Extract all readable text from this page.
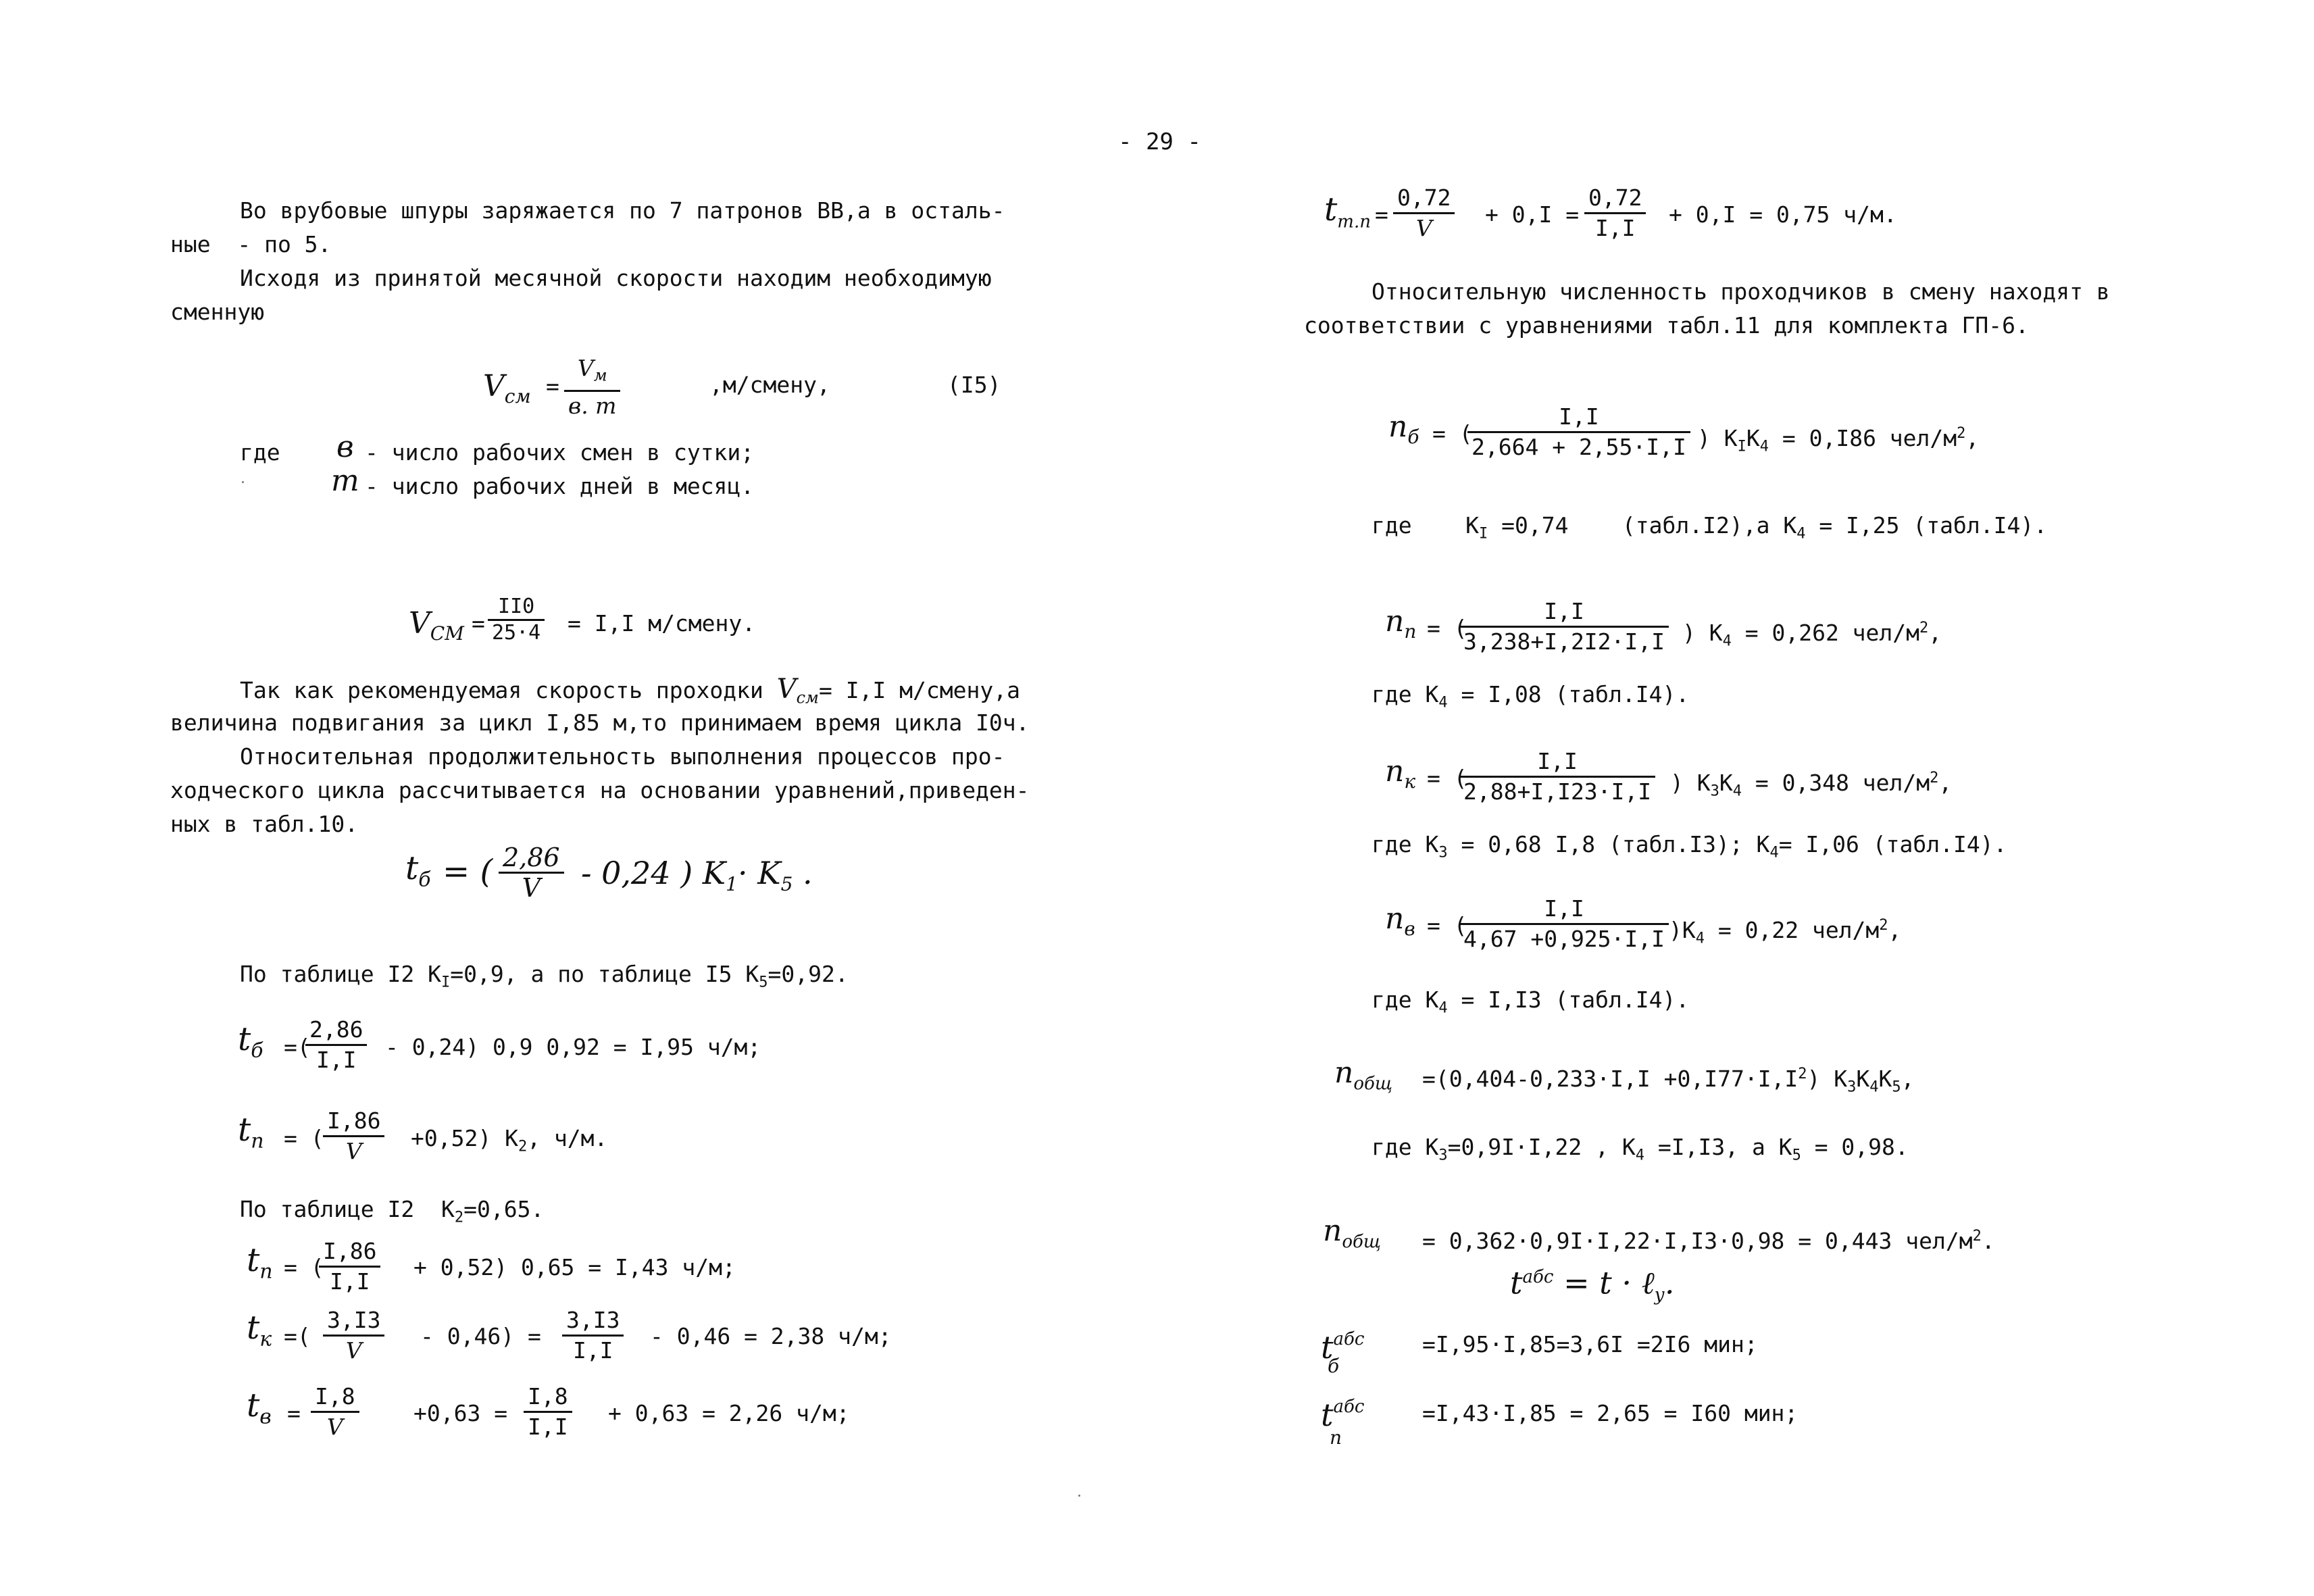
- 29 -
Во врубовые шпуры заряжается по 7 патронов ВВ,а в осталь-
ные  - по 5.
Исходя из принятой месячной скорости находим необходимую
сменную
$V_{см}$ =
$V_м$
в. m
,м/смену,	(I5)
где в - число рабочих смен в сутки;
m - число рабочих дней в месяц.
$V_{СМ} = \frac{II0}{25\cdot 4} = I,I$ м/смену.
Так как рекомендуемая скорость проходки $V_{см}= I,I$ м/смену,а
величина подвигания за цикл I,85 м,то принимаем время цикла I0ч.
Относительная продолжительность выполнения процессов про-
ходческого цикла рассчитывается на основании уравнений,приведен-
ных в табл.10.
$t_б$ = ( $\frac{2,86}{V} - 0,24$ ) $K_1\cdot K_5$ .
По таблице I2 $K_I=0,9$, а по таблице I5 $K_5=0,92$.
$t_б$ =(
$\frac{2,86}{I,I} - 0,24$) 0,9 0,92 = I,95 ч/м;
$t_п$ = (
$\frac{I,86}{V} +0,52$) $K_2$, ч/м.
По таблице I2  $K_2=0,65$.
$t_п$ = (
$\frac{I,86}{I,I} + 0,52$) 0,65 = I,43 ч/м;
$t_к$ =( $\frac{3,I3}{V} - 0,46) = \frac{3,I3}{I,I} - 0,46 = 2,38$ ч/м;
$t_в = \frac{I,8}{V} +0,63 = \frac{I,8}{I,I} + 0,63 = 2,26$ ч/м;
$t_{т.п} = \frac{0,72}{V} + 0,I = \frac{0,72}{I,I} + 0,I = 0,75$ ч/м.
Относительную численность проходчиков в смену находят в
соответствии с уравнениями табл.11 для комплекта ГП-6.
$n_б$ = (
$\frac{I,I}{2,664 + 2,55\cdot I,I}$ ) $K_IK_4 = 0,I86$ чел/$м^2$,
где $K_I =0,74$    (табл.I2),а $K_4 = I,25$ (табл.I4).
$n_п$ = (
$\frac{I,I}{3,238+I,2I2\cdot I,I}$ ) $K_4 = 0,262$ чел/$м^2$,
где $K_4 = I,08$ (табл.I4).
$n_к$ = (
$\frac{I,I}{2,88+I,I23\cdot I,I}$ ) $K_3K_4 = 0,348$ чел/$м^2$,
где $K_3 = 0,68$ I,8 (табл.I3); $K_4= I,06$ (табл.I4).
$n_в$ = (
$\frac{I,I}{4,67 +0,925\cdot I,I} )K_4 = 0,22$ чел/$м^2$,
где $K_4 = I,I3$ (табл.I4).
$n_{общ} =(0,404-0,233\cdot I,I +0,I77\cdot I,I^2)$ $K_3K_4K_5$,
где $K_3=0,9I\cdot I,22$ , $K_4 =I,I3$, а $K_5 = 0,98$.
$n_{общ} = 0,362\cdot 0,9I\cdot I,22\cdot I,I3\cdot 0,98 = 0,443$ чел/$м^2$.
$t^{абс} = t$ · ℓ$_у$.
$t^{абс}$
б
=I,95·I,85=3,6I =2I6 мин;
$t^{абс}$
п
=I,43·I,85 = 2,65 = I60 мин;
